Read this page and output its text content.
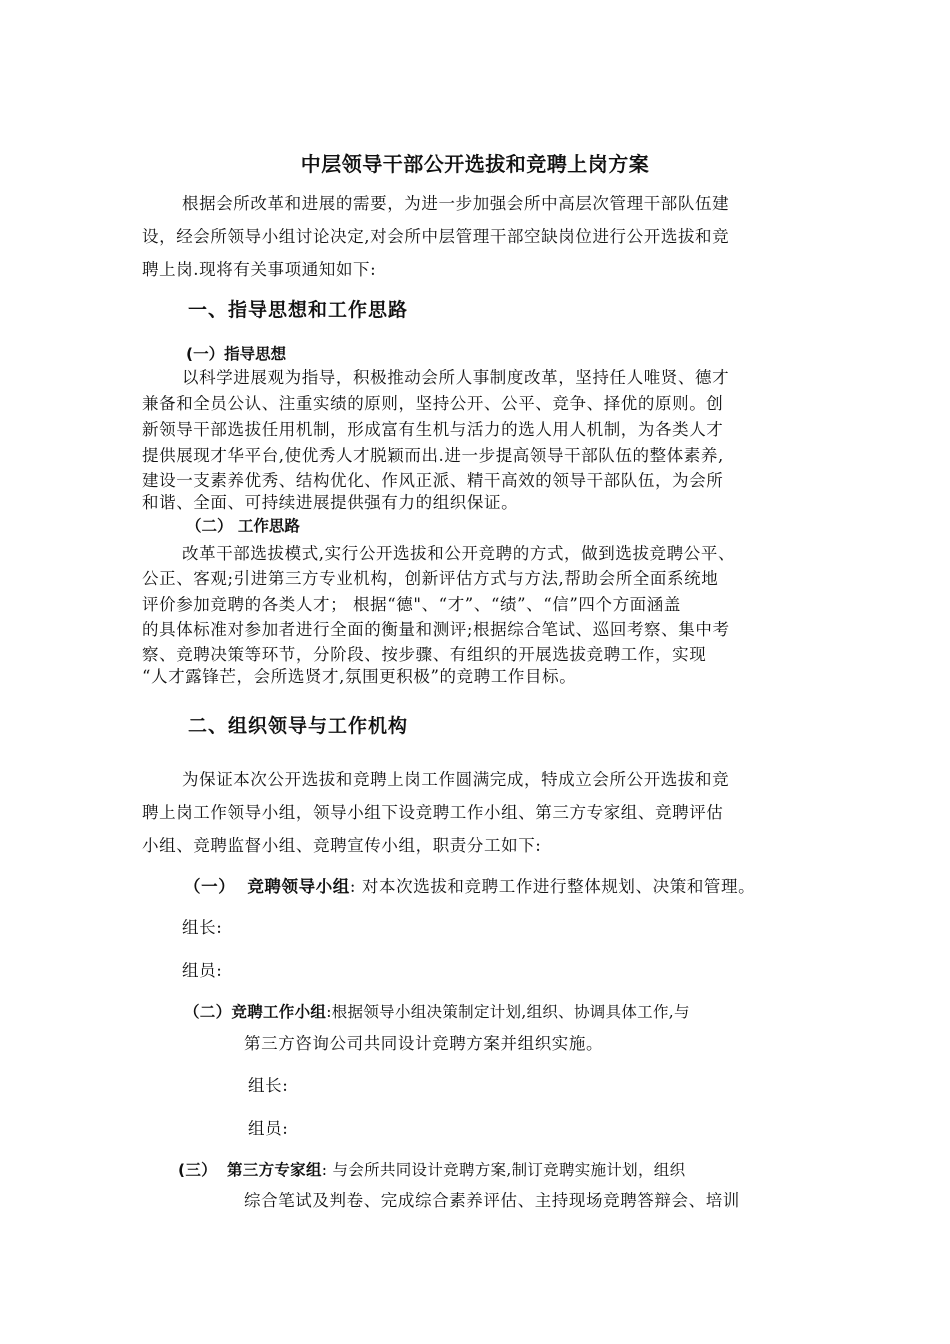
中层领导干部公开选拔和竞聘上岗方案
根据会所改革和进展的需要，为进一步加强会所中高层次管理干部队伍建
设，经会所领导小组讨论决定,对会所中层管理干部空缺岗位进行公开选拔和竞
聘上岗.现将有关事项通知如下:
一、指导思想和工作思路
(一）指导思想
以科学进展观为指导，积极推动会所人事制度改革，坚持任人唯贤、德才
兼备和全员公认、注重实绩的原则，坚持公开、公平、竞争、择优的原则。创
新领导干部选拔任用机制，形成富有生机与活力的选人用人机制，为各类人才
提供展现才华平台,使优秀人才脱颖而出.进一步提高领导干部队伍的整体素养,
建设一支素养优秀、结构优化、作风正派、精干高效的领导干部队伍，为会所
和谐、全面、可持续进展提供强有力的组织保证。
（二） 工作思路
改革干部选拔模式,实行公开选拔和公开竞聘的方式，做到选拔竞聘公平、
公正、客观;引进第三方专业机构，创新评估方式与方法,帮助会所全面系统地
评价参加竞聘的各类人才； 根据“德"、“才”、“绩”、“信”四个方面涵盖
的具体标准对参加者进行全面的衡量和测评;根据综合笔试、巡回考察、集中考
察、竞聘决策等环节，分阶段、按步骤、有组织的开展选拔竞聘工作，实现
“人才露锋芒，会所选贤才,氛围更积极”的竞聘工作目标。
二、组织领导与工作机构
为保证本次公开选拔和竞聘上岗工作圆满完成，特成立会所公开选拔和竞
聘上岗工作领导小组，领导小组下设竞聘工作小组、第三方专家组、竞聘评估
小组、竞聘监督小组、竞聘宣传小组，职责分工如下:
（一） 竞聘领导小组: 对本次选拔和竞聘工作进行整体规划、决策和管理。
组长:
组员:
（二）竞聘工作小组:根据领导小组决策制定计划,组织、协调具体工作,与
第三方咨询公司共同设计竞聘方案并组织实施。
组长:
组员:
(三） 第三方专家组: 与会所共同设计竞聘方案,制订竞聘实施计划，组织
综合笔试及判卷、完成综合素养评估、主持现场竞聘答辩会、培训
